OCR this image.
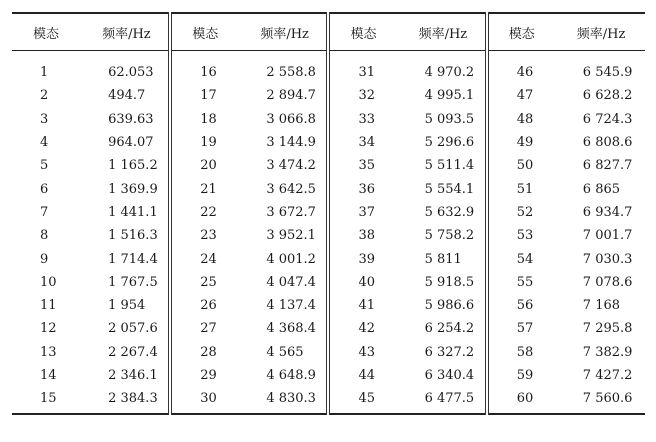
模态	频率/Hz	模态	频率/Hz	模态	频率/Hz	模态	频率/Hz
1	62.053	16	2 558.8	31	4 970.2	46	6 545.9
2	494.7	17	2 894.7	32	4 995.1	47	6 628.2
3	639.63	18	3 066.8	33	5 093.5	48	6 724.3
4	964.07	19	3 144.9	34	5 296.6	49	6 808.6
5	1 165.2	20	3 474.2	35	5 511.4	50	6 827.7
6	1 369.9	21	3 642.5	36	5 554.1	51	6 865
7	1 441.1	22	3 672.7	37	5 632.9	52	6 934.7
8	1 516.3	23	3 952.1	38	5 758.2	53	7 001.7
9	1 714.4	24	4 001.2	39	5 811	54	7 030.3
10	1 767.5	25	4 047.4	40	5 918.5	55	7 078.6
11	1 954	26	4 137.4	41	5 986.6	56	7 168
12	2 057.6	27	4 368.4	42	6 254.2	57	7 295.8
13	2 267.4	28	4 565	43	6 327.2	58	7 382.9
14	2 346.1	29	4 648.9	44	6 340.4	59	7 427.2
15	2 384.3	30	4 830.3	45	6 477.5	60	7 560.6
